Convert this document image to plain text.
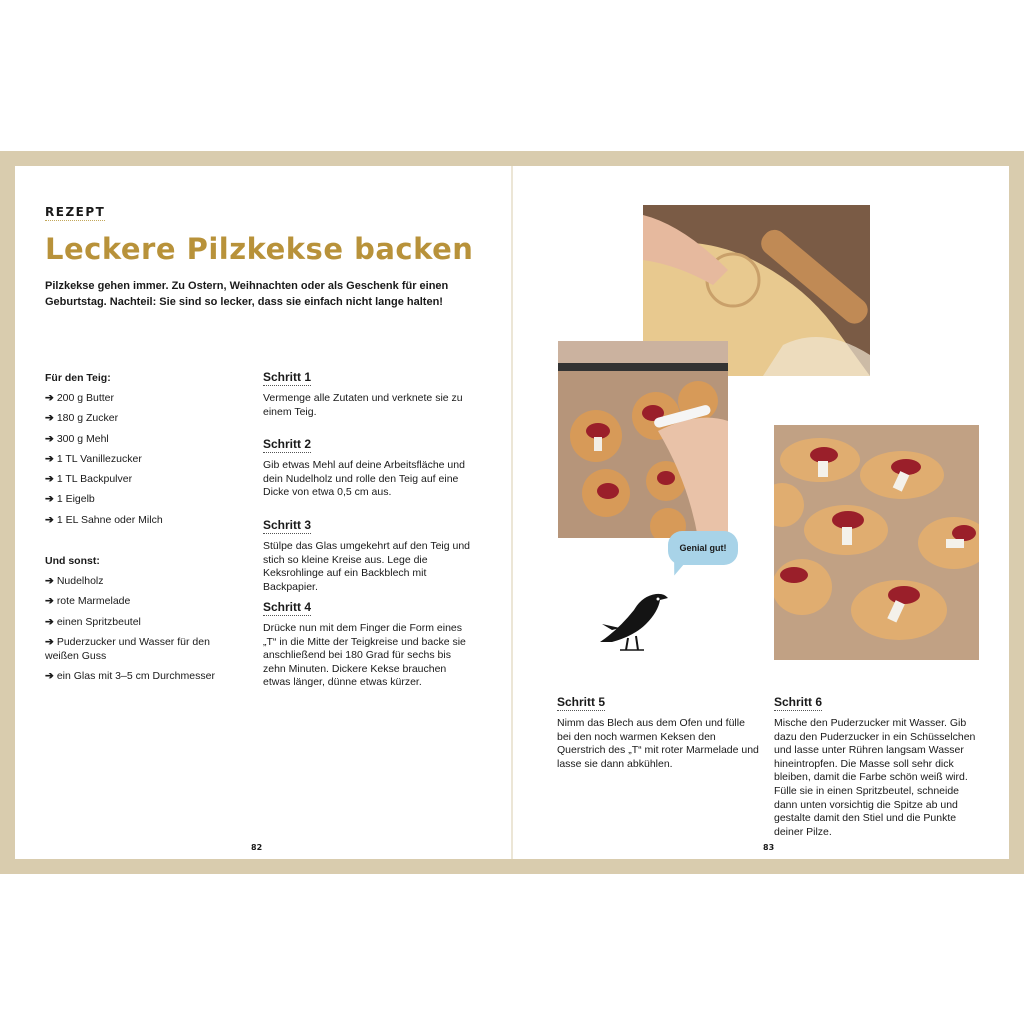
REZEPT
Leckere Pilzkekse backen
Pilzkekse gehen immer. Zu Ostern, Weihnachten oder als Geschenk für einen Geburtstag. Nachteil: Sie sind so lecker, dass sie einfach nicht lange halten!
Für den Teig:
➔ 200 g Butter
➔ 180 g Zucker
➔ 300 g Mehl
➔ 1 TL Vanillezucker
➔ 1 TL Backpulver
➔ 1 Eigelb
➔ 1 EL Sahne oder Milch
Und sonst:
➔ Nudelholz
➔ rote Marmelade
➔ einen Spritzbeutel
➔ Puderzucker und Wasser für den weißen Guss
➔ ein Glas mit 3–5 cm Durchmesser
Schritt 1
Vermenge alle Zutaten und verknete sie zu einem Teig.
Schritt 2
Gib etwas Mehl auf deine Arbeitsfläche und dein Nudelholz und rolle den Teig auf eine Dicke von etwa 0,5 cm aus.
Schritt 3
Stülpe das Glas umgekehrt auf den Teig und stich so kleine Kreise aus. Lege die Keksrohlinge auf ein Backblech mit Backpapier.
Schritt 4
Drücke nun mit dem Finger die Form eines „T“ in die Mitte der Teigkreise und backe sie anschließend bei 180 Grad für sechs bis zehn Minuten. Dickere Kekse brauchen etwas länger, dünne etwas kürzer.
82
Genial gut!
Schritt 5
Nimm das Blech aus dem Ofen und fülle bei den noch warmen Keksen den Querstrich des „T“ mit roter Marmelade und lasse sie dann abkühlen.
Schritt 6
Mische den Puderzucker mit Wasser. Gib dazu den Puderzucker in ein Schüsselchen und lasse unter Rühren langsam Wasser hineintropfen. Die Masse soll sehr dick bleiben, damit die Farbe schön weiß wird. Fülle sie in einen Spritzbeutel, schneide dann unten vorsichtig die Spitze ab und gestalte damit den Stiel und die Punkte deiner Pilze.
83
